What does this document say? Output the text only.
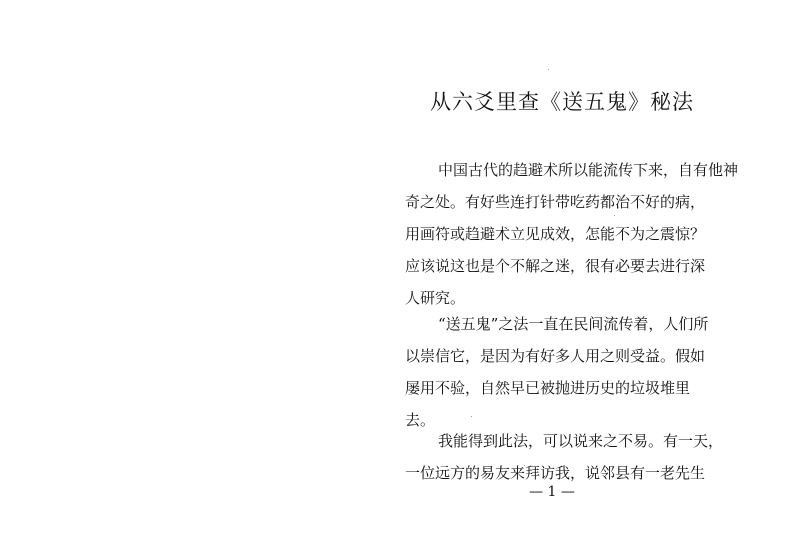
从六爻里查《送五鬼》秘法
中国古代的趋避术所以能流传下来，自有他神
奇之处。有好些连打针带吃药都治不好的病，
用画符或趋避术立见成效，怎能不为之震惊？
应该说这也是个不解之迷，很有必要去进行深
人研究。
“送五鬼”之法一直在民间流传着，人们所
以崇信它，是因为有好多人用之则受益。假如
屡用不验，自然早已被抛进历史的垃圾堆里
去。
我能得到此法，可以说来之不易。有一天，
一位远方的易友来拜访我，说邻县有一老先生
— 1 —
